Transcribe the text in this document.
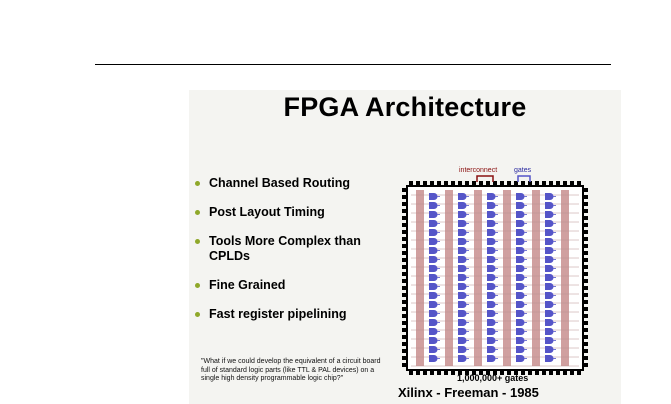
FPGA Architecture
Channel Based Routing
Post Layout Timing
Tools More Complex than CPLDs
Fine Grained
Fast register pipelining
"What if we could develop the equivalent of a circuit board full of standard logic parts (like TTL & PAL devices) on a single high density programmable logic chip?"
interconnect gates
1,000,000+ gates
Xilinx - Freeman - 1985
